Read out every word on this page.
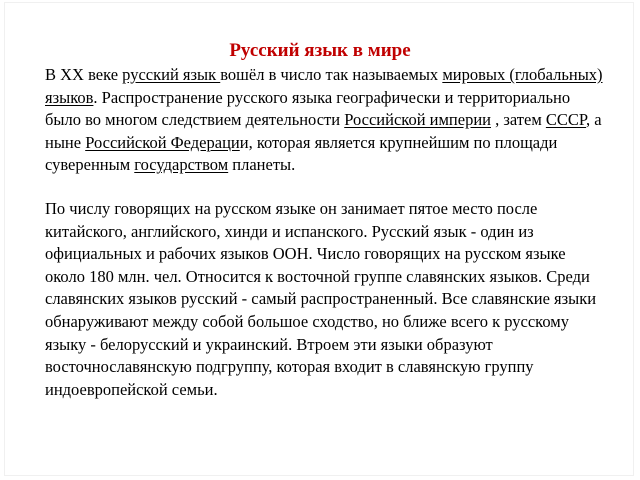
Русский язык в мире

В XX веке русский язык вошёл в число так называемых мировых (глобальных) языков. Распространение русского языка географически и территориально было во многом следствием деятельности Российской империи , затем СССР, а ныне Российской Федерации, которая является крупнейшим по площади суверенным государством планеты.

По числу говорящих на русском языке он занимает пятое место после китайского, английского, хинди и испанского. Русский язык - один из официальных и рабочих языков ООН. Число говорящих на русском языке около 180 млн. чел. Относится к восточной группе славянских языков. Среди славянских языков русский - самый распространенный. Все славянские языки обнаруживают между собой большое сходство, но ближе всего к русскому языку - белорусский и украинский. Втроем эти языки образуют восточнославянскую подгруппу, которая входит в славянскую группу индоевропейской семьи.
